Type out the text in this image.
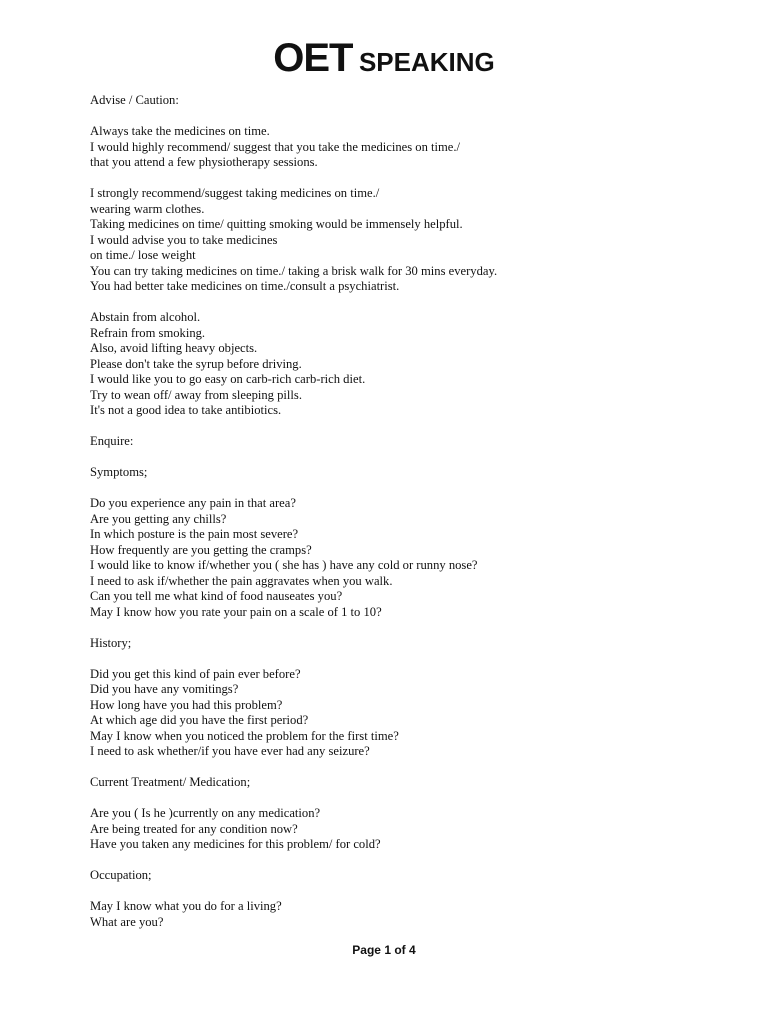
OET SPEAKING
Advise / Caution:
Always take the medicines on time.
I would highly recommend/ suggest that you take the medicines on time./
that you attend a few physiotherapy sessions.
I strongly recommend/suggest taking medicines on time./
wearing warm clothes.
Taking medicines on time/ quitting smoking would be immensely helpful.
I would advise you to take medicines
on time./ lose weight
You can try taking medicines on time./ taking a brisk walk for 30 mins everyday.
You had better take medicines on time./consult a psychiatrist.
Abstain from alcohol.
Refrain from smoking.
Also, avoid lifting heavy objects.
Please don't take the syrup before driving.
I would like you to go easy on carb-rich carb-rich diet.
Try to wean off/ away from sleeping pills.
It's not a good idea to take antibiotics.
Enquire:
Symptoms;
Do you experience any pain in that area?
Are you getting any chills?
In which posture is the pain most severe?
How frequently are you getting the cramps?
I would like to know if/whether you ( she has ) have any cold or runny nose?
I need to ask if/whether the pain aggravates when you walk.
Can you tell me what kind of food nauseates you?
May I know how you rate your pain on a scale of 1 to 10?
History;
Did you get this kind of pain ever before?
Did you have any vomitings?
How long have you had this problem?
At which age did you have the first period?
May I know when you noticed the problem for the first time?
I need to ask whether/if you have ever had any seizure?
Current Treatment/ Medication;
Are you ( Is he )currently on any medication?
Are being treated for any condition now?
Have you taken any medicines for this problem/ for cold?
Occupation;
May I know what you do for a living?
What are you?
Page 1 of 4
